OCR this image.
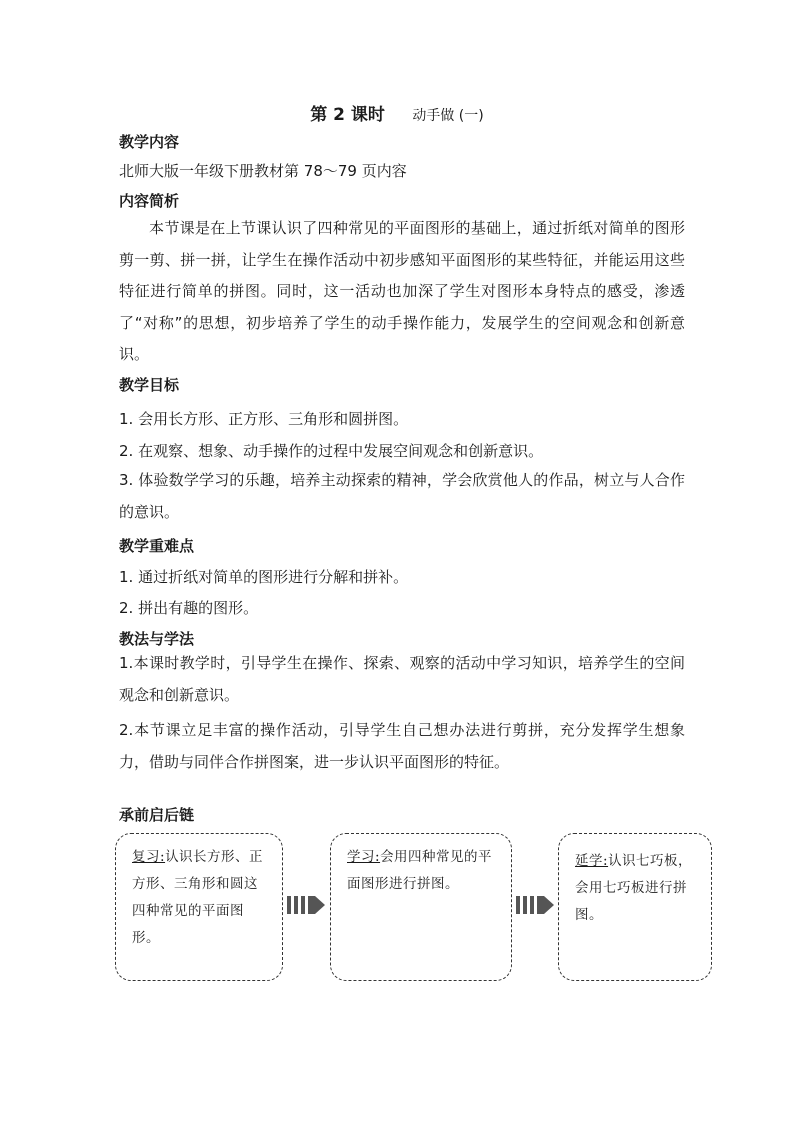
第 2 课时 动手做 (一)
教学内容
北师大版一年级下册教材第 78～79 页内容
内容简析
本节课是在上节课认识了四种常见的平面图形的基础上，通过折纸对简单的图形剪一剪、拼一拼，让学生在操作活动中初步感知平面图形的某些特征，并能运用这些特征进行简单的拼图。同时，这一活动也加深了学生对图形本身特点的感受，渗透了“对称”的思想，初步培养了学生的动手操作能力，发展学生的空间观念和创新意识。
教学目标
1. 会用长方形、正方形、三角形和圆拼图。
2. 在观察、想象、动手操作的过程中发展空间观念和创新意识。
3. 体验数学学习的乐趣，培养主动探索的精神，学会欣赏他人的作品，树立与人合作的意识。
教学重难点
1. 通过折纸对简单的图形进行分解和拼补。
2. 拼出有趣的图形。
教法与学法
1.本课时教学时，引导学生在操作、探索、观察的活动中学习知识，培养学生的空间观念和创新意识。
2.本节课立足丰富的操作活动，引导学生自己想办法进行剪拼，充分发挥学生想象力，借助与同伴合作拼图案，进一步认识平面图形的特征。
承前启后链
复习:认识长方形、正方形、三角形和圆这四种常见的平面图形。
学习:会用四种常见的平面图形进行拼图。
延学:认识七巧板，会用七巧板进行拼图。
